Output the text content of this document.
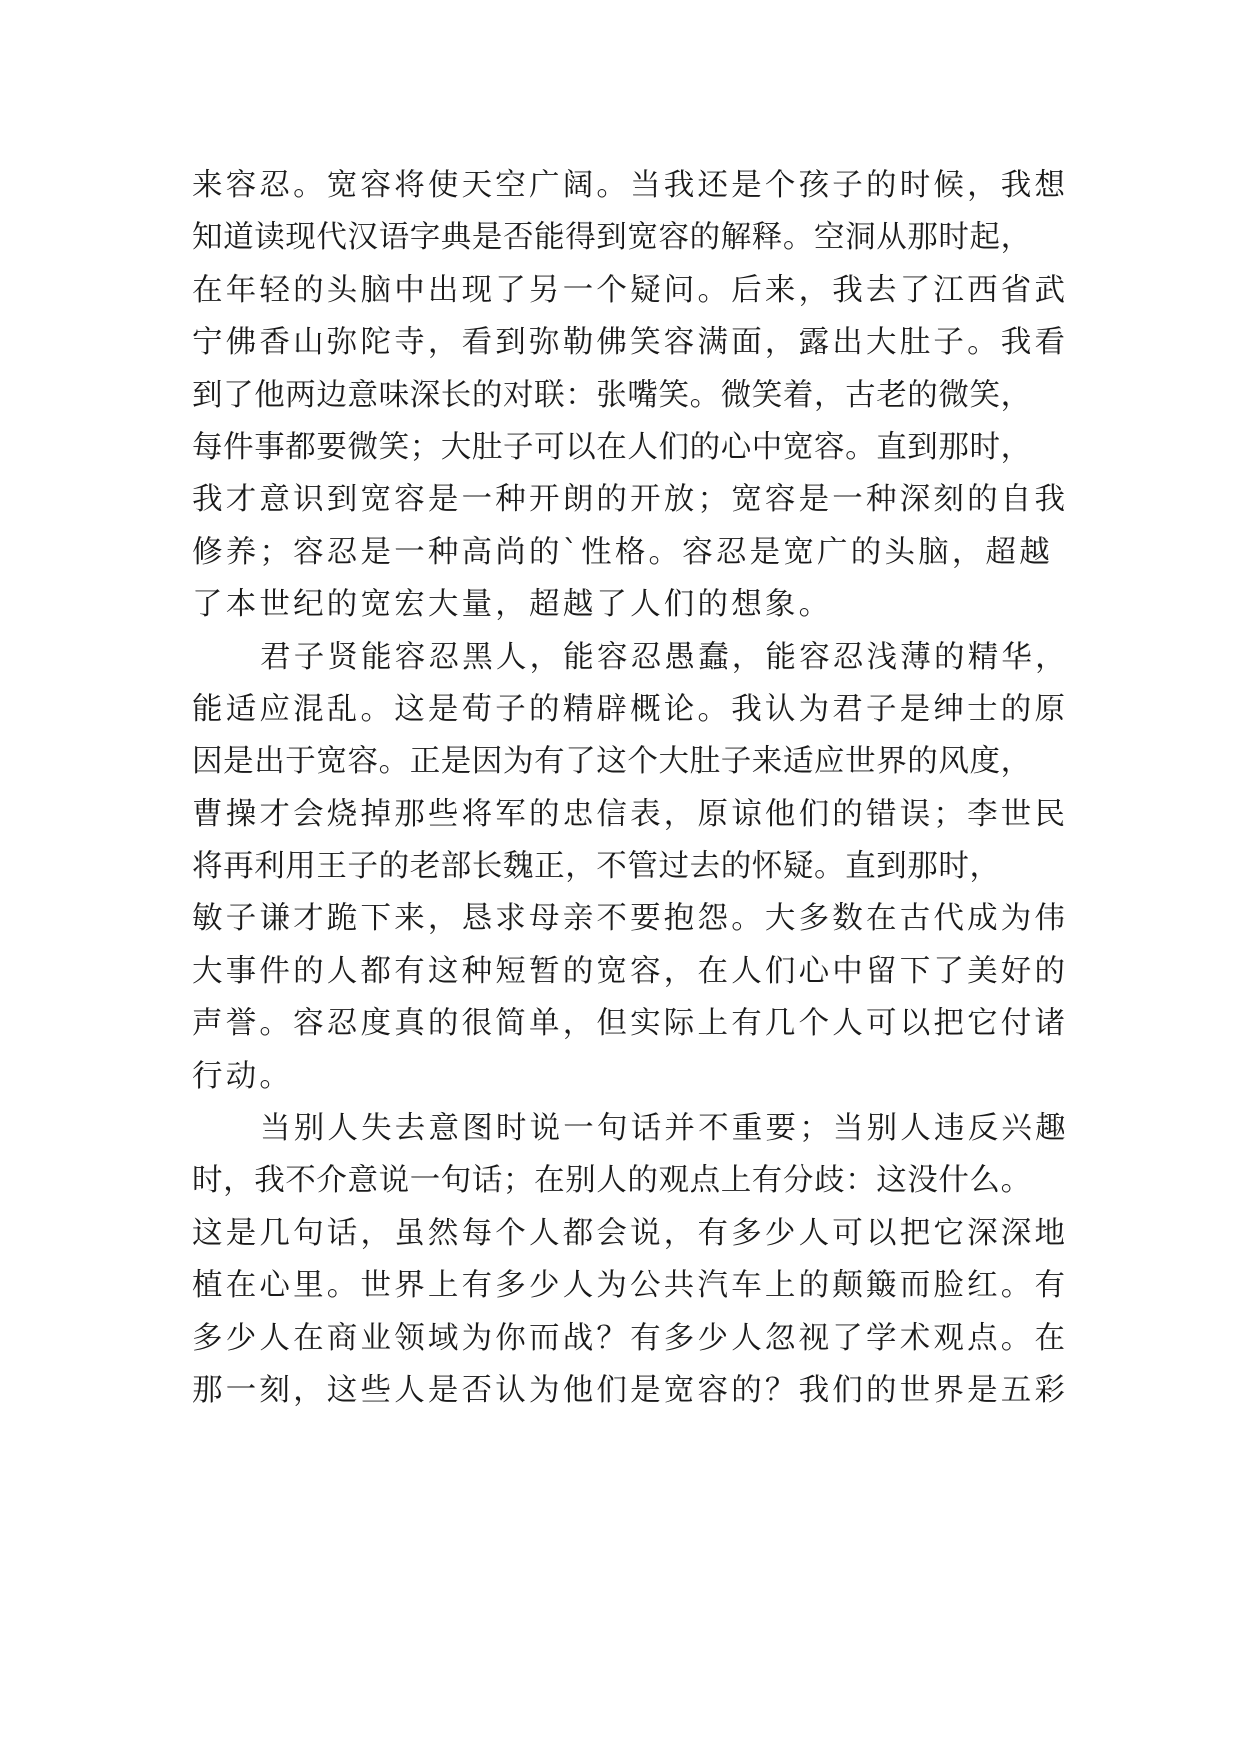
来容忍。宽容将使天空广阔。当我还是个孩子的时候，我想
知道读现代汉语字典是否能得到宽容的解释。空洞从那时起，
在年轻的头脑中出现了另一个疑问。后来，我去了江西省武
宁佛香山弥陀寺，看到弥勒佛笑容满面，露出大肚子。我看
到了他两边意味深长的对联：张嘴笑。微笑着，古老的微笑，
每件事都要微笑；大肚子可以在人们的心中宽容。直到那时，
我才意识到宽容是一种开朗的开放；宽容是一种深刻的自我
修养；容忍是一种高尚的`性格。容忍是宽广的头脑，超越
了本世纪的宽宏大量，超越了人们的想象。
君子贤能容忍黑人，能容忍愚蠢，能容忍浅薄的精华，
能适应混乱。这是荀子的精辟概论。我认为君子是绅士的原
因是出于宽容。正是因为有了这个大肚子来适应世界的风度，
曹操才会烧掉那些将军的忠信表，原谅他们的错误；李世民
将再利用王子的老部长魏正，不管过去的怀疑。直到那时，
敏子谦才跪下来，恳求母亲不要抱怨。大多数在古代成为伟
大事件的人都有这种短暂的宽容，在人们心中留下了美好的
声誉。容忍度真的很简单，但实际上有几个人可以把它付诸
行动。
当别人失去意图时说一句话并不重要；当别人违反兴趣
时，我不介意说一句话；在别人的观点上有分歧：这没什么。
这是几句话，虽然每个人都会说，有多少人可以把它深深地
植在心里。世界上有多少人为公共汽车上的颠簸而脸红。有
多少人在商业领域为你而战？有多少人忽视了学术观点。在
那一刻，这些人是否认为他们是宽容的？我们的世界是五彩
